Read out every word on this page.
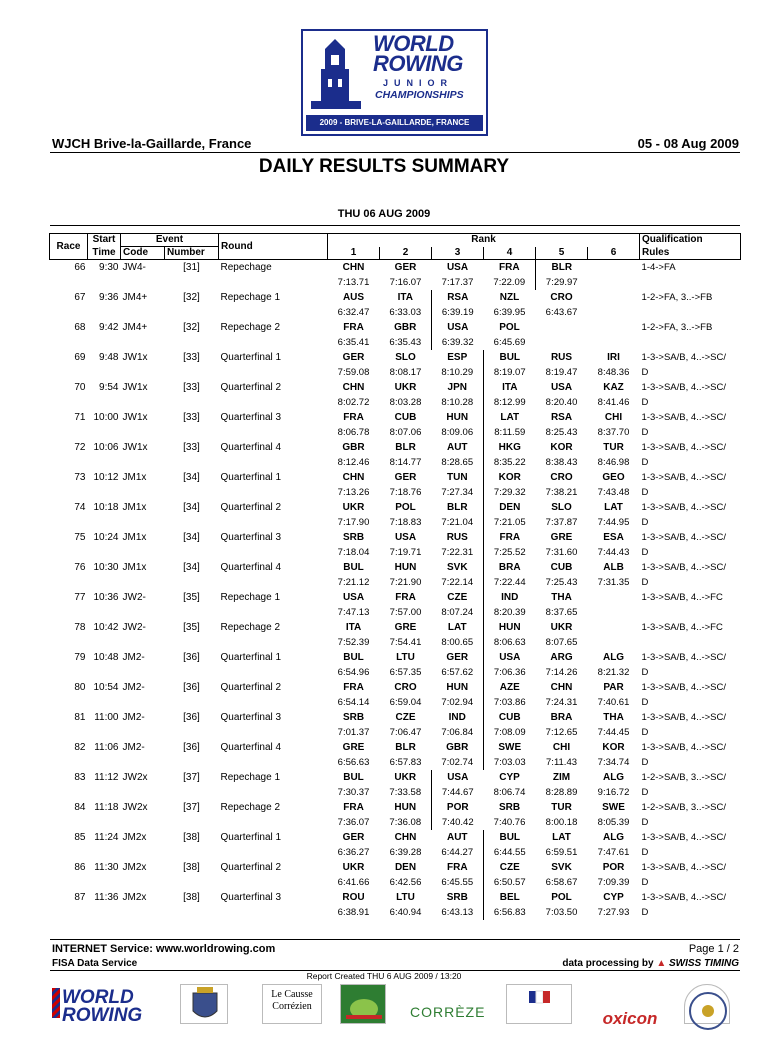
WORLD
ROWING
JUNIOR
CHAMPIONSHIPS
2009 - BRIVE-LA-GAILLARDE, FRANCE
WJCH Brive-la-Gaillarde, France	05 - 08 Aug 2009
DAILY RESULTS SUMMARY
THU 06 AUG 2009
Race	Start	Event		Round	Rank						Qualification
	Time	Code	Number		1	2	3	4	5	6	Rules
66	9:30	JW4-	[31]	Repechage	CHN	GER	USA	FRA	BLR		1-4->FA
					7:13.71	7:16.07	7:17.37	7:22.09	7:29.97		
67	9:36	JM4+	[32]	Repechage 1	AUS	ITA	RSA	NZL	CRO		1-2->FA, 3..->FB
					6:32.47	6:33.03	6:39.19	6:39.95	6:43.67		
68	9:42	JM4+	[32]	Repechage 2	FRA	GBR	USA	POL			1-2->FA, 3..->FB
					6:35.41	6:35.43	6:39.32	6:45.69			
69	9:48	JW1x	[33]	Quarterfinal 1	GER	SLO	ESP	BUL	RUS	IRI	1-3->SA/B, 4..->SC/
					7:59.08	8:08.17	8:10.29	8:19.07	8:19.47	8:48.36	D
70	9:54	JW1x	[33]	Quarterfinal 2	CHN	UKR	JPN	ITA	USA	KAZ	1-3->SA/B, 4..->SC/
					8:02.72	8:03.28	8:10.28	8:12.99	8:20.40	8:41.46	D
71	10:00	JW1x	[33]	Quarterfinal 3	FRA	CUB	HUN	LAT	RSA	CHI	1-3->SA/B, 4..->SC/
					8:06.78	8:07.06	8:09.06	8:11.59	8:25.43	8:37.70	D
72	10:06	JW1x	[33]	Quarterfinal 4	GBR	BLR	AUT	HKG	KOR	TUR	1-3->SA/B, 4..->SC/
					8:12.46	8:14.77	8:28.65	8:35.22	8:38.43	8:46.98	D
73	10:12	JM1x	[34]	Quarterfinal 1	CHN	GER	TUN	KOR	CRO	GEO	1-3->SA/B, 4..->SC/
					7:13.26	7:18.76	7:27.34	7:29.32	7:38.21	7:43.48	D
74	10:18	JM1x	[34]	Quarterfinal 2	UKR	POL	BLR	DEN	SLO	LAT	1-3->SA/B, 4..->SC/
					7:17.90	7:18.83	7:21.04	7:21.05	7:37.87	7:44.95	D
75	10:24	JM1x	[34]	Quarterfinal 3	SRB	USA	RUS	FRA	GRE	ESA	1-3->SA/B, 4..->SC/
					7:18.04	7:19.71	7:22.31	7:25.52	7:31.60	7:44.43	D
76	10:30	JM1x	[34]	Quarterfinal 4	BUL	HUN	SVK	BRA	CUB	ALB	1-3->SA/B, 4..->SC/
					7:21.12	7:21.90	7:22.14	7:22.44	7:25.43	7:31.35	D
77	10:36	JW2-	[35]	Repechage 1	USA	FRA	CZE	IND	THA		1-3->SA/B, 4..->FC
					7:47.13	7:57.00	8:07.24	8:20.39	8:37.65		
78	10:42	JW2-	[35]	Repechage 2	ITA	GRE	LAT	HUN	UKR		1-3->SA/B, 4..->FC
					7:52.39	7:54.41	8:00.65	8:06.63	8:07.65		
79	10:48	JM2-	[36]	Quarterfinal 1	BUL	LTU	GER	USA	ARG	ALG	1-3->SA/B, 4..->SC/
					6:54.96	6:57.35	6:57.62	7:06.36	7:14.26	8:21.32	D
80	10:54	JM2-	[36]	Quarterfinal 2	FRA	CRO	HUN	AZE	CHN	PAR	1-3->SA/B, 4..->SC/
					6:54.14	6:59.04	7:02.94	7:03.86	7:24.31	7:40.61	D
81	11:00	JM2-	[36]	Quarterfinal 3	SRB	CZE	IND	CUB	BRA	THA	1-3->SA/B, 4..->SC/
					7:01.37	7:06.47	7:06.84	7:08.09	7:12.65	7:44.45	D
82	11:06	JM2-	[36]	Quarterfinal 4	GRE	BLR	GBR	SWE	CHI	KOR	1-3->SA/B, 4..->SC/
					6:56.63	6:57.83	7:02.74	7:03.03	7:11.43	7:34.74	D
83	11:12	JW2x	[37]	Repechage 1	BUL	UKR	USA	CYP	ZIM	ALG	1-2->SA/B, 3..->SC/
					7:30.37	7:33.58	7:44.67	8:06.74	8:28.89	9:16.72	D
84	11:18	JW2x	[37]	Repechage 2	FRA	HUN	POR	SRB	TUR	SWE	1-2->SA/B, 3..->SC/
					7:36.07	7:36.08	7:40.42	7:40.76	8:00.18	8:05.39	D
85	11:24	JM2x	[38]	Quarterfinal 1	GER	CHN	AUT	BUL	LAT	ALG	1-3->SA/B, 4..->SC/
					6:36.27	6:39.28	6:44.27	6:44.55	6:59.51	7:47.61	D
86	11:30	JM2x	[38]	Quarterfinal 2	UKR	DEN	FRA	CZE	SVK	POR	1-3->SA/B, 4..->SC/
					6:41.66	6:42.56	6:45.55	6:50.57	6:58.67	7:09.39	D
87	11:36	JM2x	[38]	Quarterfinal 3	ROU	LTU	SRB	BEL	POL	CYP	1-3->SA/B, 4..->SC/
					6:38.91	6:40.94	6:43.13	6:56.83	7:03.50	7:27.93	D
INTERNET Service: www.worldrowing.com
FISA Data Service
Page 1 / 2
data processing by ▲ SWISS TIMING
Report Created THU 6 AUG 2009 / 13:20
WORLD
ROWING
Le Causse
Corrézien	CORRÈZE	oxicon
